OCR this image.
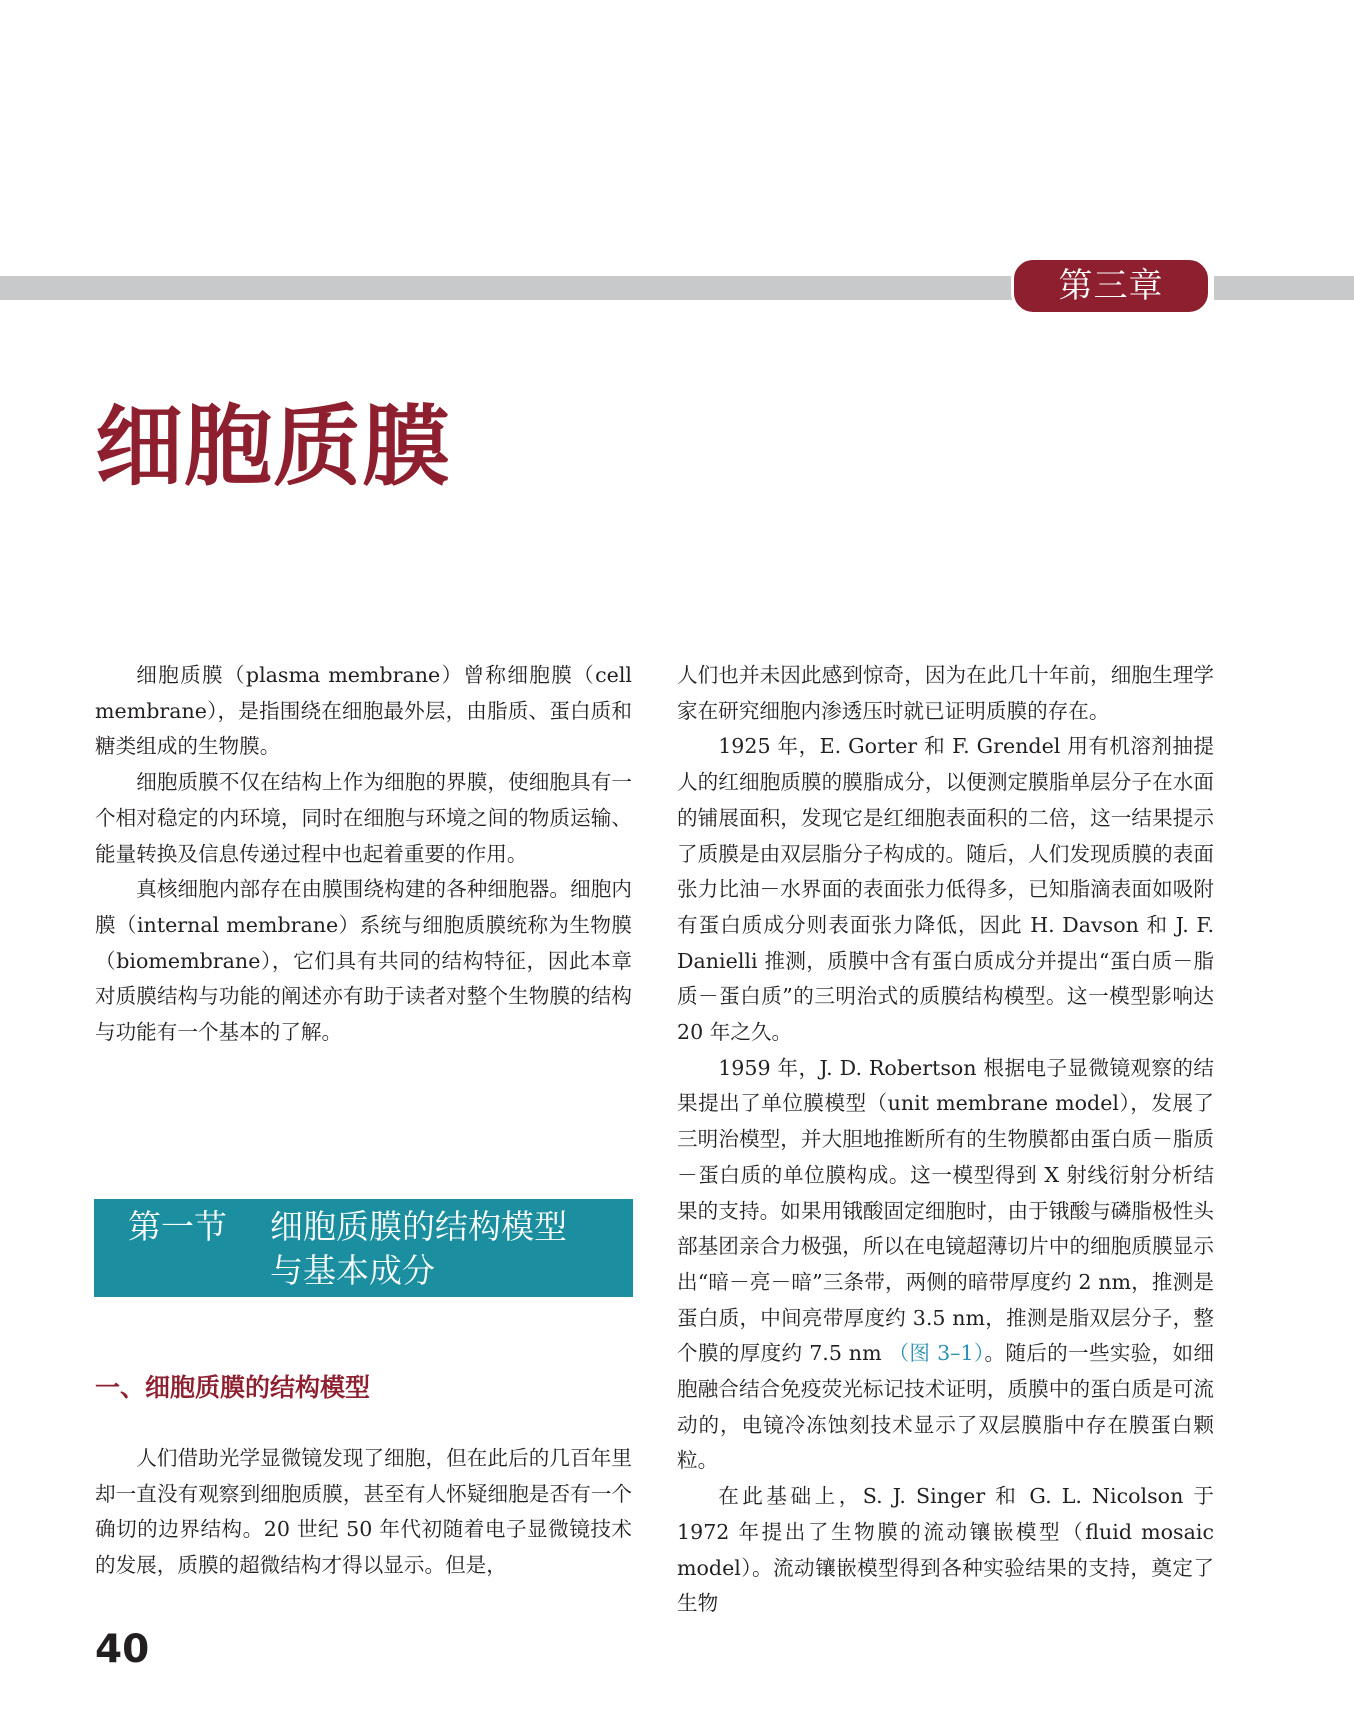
第三章
细胞质膜

细胞质膜（plasma membrane）曾称细胞膜（cell membrane），是指围绕在细胞最外层，由脂质、蛋白质和糖类组成的生物膜。

细胞质膜不仅在结构上作为细胞的界膜，使细胞具有一个相对稳定的内环境，同时在细胞与环境之间的物质运输、能量转换及信息传递过程中也起着重要的作用。

真核细胞内部存在由膜围绕构建的各种细胞器。细胞内膜（internal membrane）系统与细胞质膜统称为生物膜（biomembrane），它们具有共同的结构特征，因此本章对质膜结构与功能的阐述亦有助于读者对整个生物膜的结构与功能有一个基本的了解。

第一节 细胞质膜的结构模型
与基本成分
一、细胞质膜的结构模型

人们借助光学显微镜发现了细胞，但在此后的几百年里却一直没有观察到细胞质膜，甚至有人怀疑细胞是否有一个确切的边界结构。20 世纪 50 年代初随着电子显微镜技术的发展，质膜的超微结构才得以显示。但是，

人们也并未因此感到惊奇，因为在此几十年前，细胞生理学家在研究细胞内渗透压时就已证明质膜的存在。

1925 年，E. Gorter 和 F. Grendel 用有机溶剂抽提人的红细胞质膜的膜脂成分，以便测定膜脂单层分子在水面的铺展面积，发现它是红细胞表面积的二倍，这一结果提示了质膜是由双层脂分子构成的。随后，人们发现质膜的表面张力比油－水界面的表面张力低得多，已知脂滴表面如吸附有蛋白质成分则表面张力降低，因此 H. Davson 和 J. F. Danielli 推测，质膜中含有蛋白质成分并提出“蛋白质－脂质－蛋白质”的三明治式的质膜结构模型。这一模型影响达 20 年之久。

1959 年，J. D. Robertson 根据电子显微镜观察的结果提出了单位膜模型（unit membrane model），发展了三明治模型，并大胆地推断所有的生物膜都由蛋白质－脂质－蛋白质的单位膜构成。这一模型得到 X 射线衍射分析结果的支持。如果用锇酸固定细胞时，由于锇酸与磷脂极性头部基团亲合力极强，所以在电镜超薄切片中的细胞质膜显示出“暗－亮－暗”三条带，两侧的暗带厚度约 2 nm，推测是蛋白质，中间亮带厚度约 3.5 nm，推测是脂双层分子，整个膜的厚度约 7.5 nm （图 3–1）。随后的一些实验，如细胞融合结合免疫荧光标记技术证明，质膜中的蛋白质是可流动的，电镜冷冻蚀刻技术显示了双层膜脂中存在膜蛋白颗粒。

在此基础上，S. J. Singer 和 G. L. Nicolson 于 1972 年提出了生物膜的流动镶嵌模型（fluid mosaic model）。流动镶嵌模型得到各种实验结果的支持，奠定了生物

40
